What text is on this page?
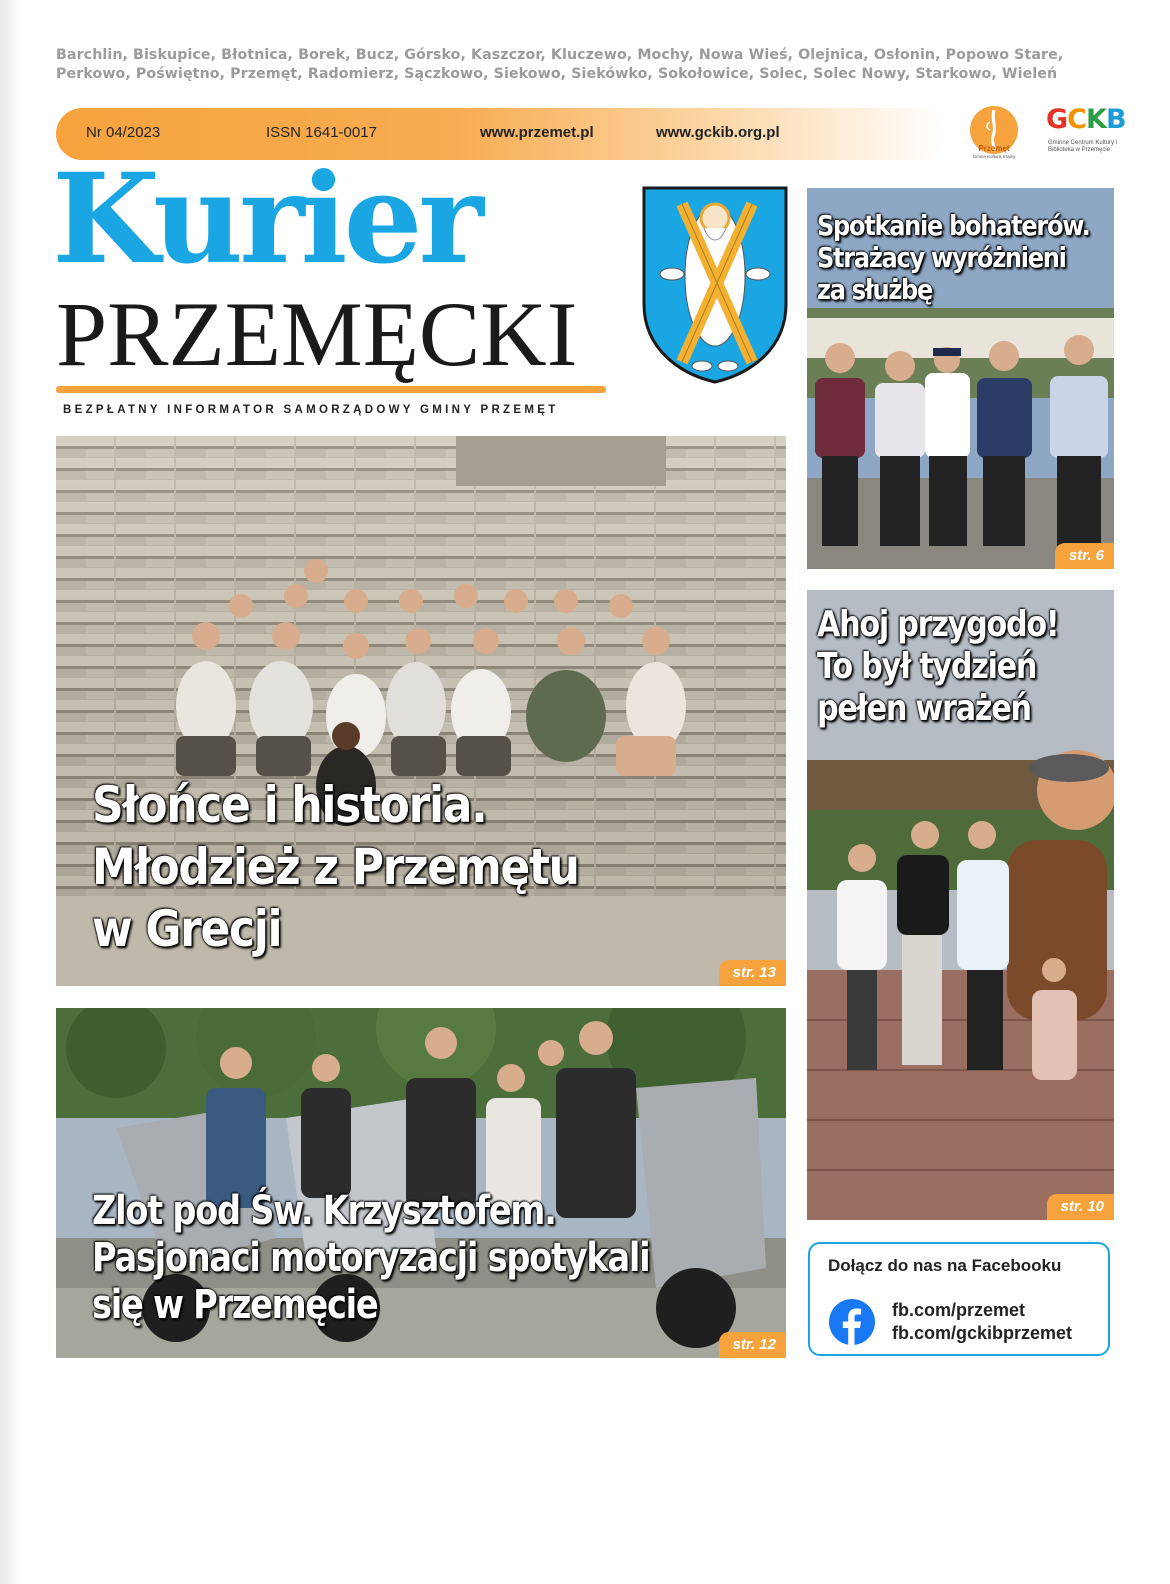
Barchlin, Biskupice, Błotnica, Borek, Bucz, Górsko, Kaszczor, Kluczewo, Mochy, Nowa Wieś, Olejnica, Osłonin, Popowo Stare,
Perkowo, Poświętno, Przemęt, Radomierz, Sączkowo, Siekowo, Siekówko, Sokołowice, Solec, Solec Nowy, Starkowo, Wieleń
Nr 04/2023	ISSN 1641-0017	www.przemet.pl	www.gckib.org.pl
Przemęt
Gmina Kulturą Krainy
GCKB
Gminne Centrum Kultury i Biblioteka w Przemęcie
Kurier
PRZEMĘCKI
BEZPŁATNY INFORMATOR SAMORZĄDOWY GMINY PRZEMĘT
Słońce i historia.
Młodzież z Przemętu
w Grecji
str. 13
Zlot pod Św. Krzysztofem.
Pasjonaci motoryzacji spotykali
się w Przemęcie
str. 12
Spotkanie bohaterów.
Strażacy wyróżnieni
za służbę
str. 6
Ahoj przygodo!
To był tydzień
pełen wrażeń
str. 10
Dołącz do nas na Facebooku
fb.com/przemet
fb.com/gckibprzemet
